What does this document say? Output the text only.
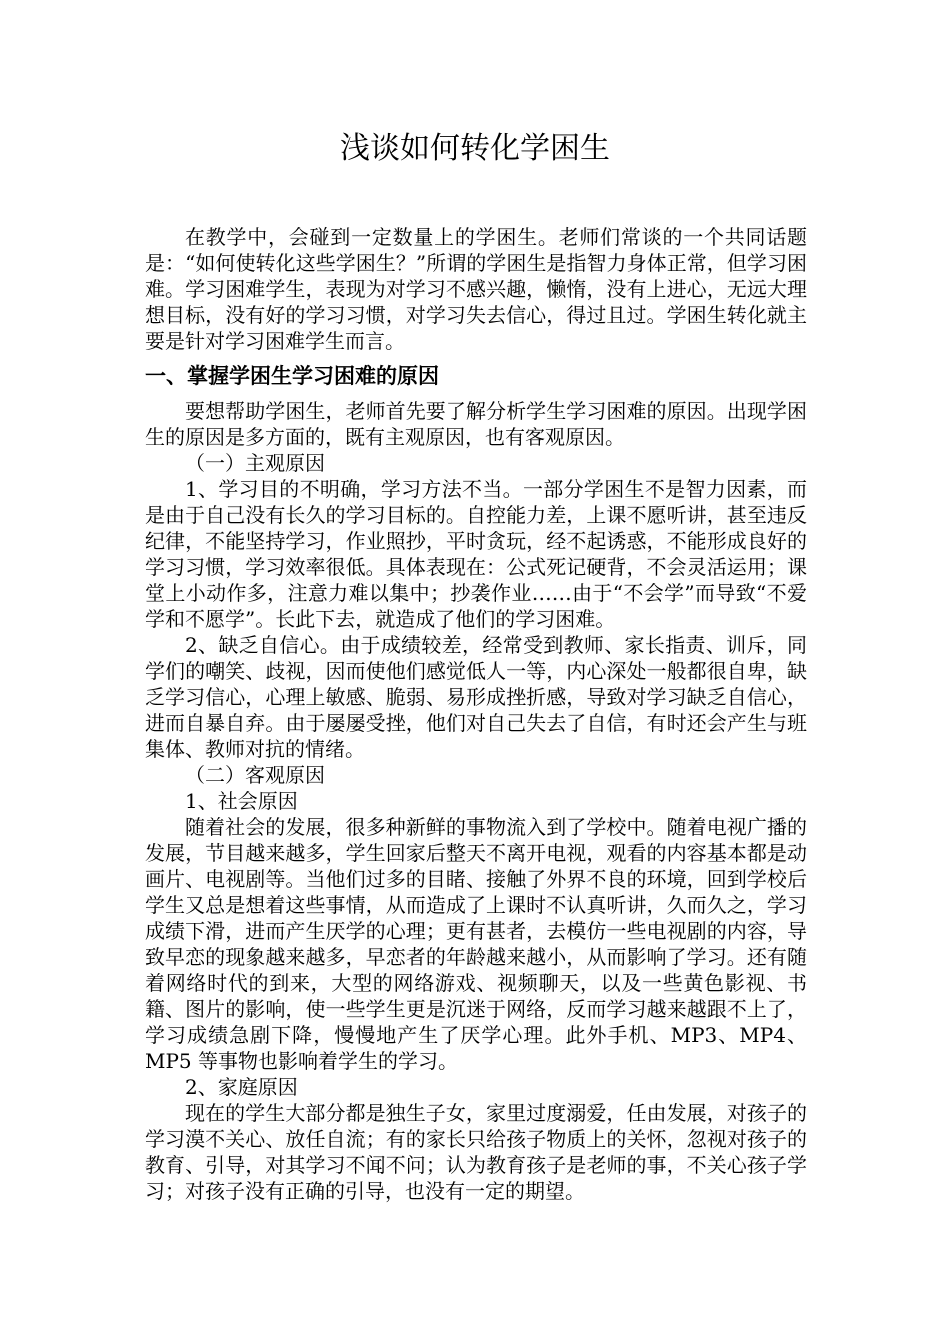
浅谈如何转化学困生

在教学中，会碰到一定数量上的学困生。老师们常谈的一个共同话题是：“如何使转化这些学困生？”所谓的学困生是指智力身体正常，但学习困难。学习困难学生，表现为对学习不感兴趣，懒惰，没有上进心，无远大理想目标，没有好的学习习惯，对学习失去信心，得过且过。学困生转化就主要是针对学习困难学生而言。

一、掌握学困生学习困难的原因

要想帮助学困生，老师首先要了解分析学生学习困难的原因。出现学困生的原因是多方面的，既有主观原因，也有客观原因。

（一）主观原因

1、学习目的不明确，学习方法不当。一部分学困生不是智力因素，而是由于自己没有长久的学习目标的。自控能力差，上课不愿听讲，甚至违反纪律，不能坚持学习，作业照抄，平时贪玩，经不起诱惑，不能形成良好的学习习惯，学习效率很低。具体表现在：公式死记硬背，不会灵活运用；课堂上小动作多，注意力难以集中；抄袭作业……由于“不会学”而导致“不爱学和不愿学”。长此下去，就造成了他们的学习困难。

2、缺乏自信心。由于成绩较差，经常受到教师、家长指责、训斥，同学们的嘲笑、歧视，因而使他们感觉低人一等，内心深处一般都很自卑，缺乏学习信心，心理上敏感、脆弱、易形成挫折感，导致对学习缺乏自信心，进而自暴自弃。由于屡屡受挫，他们对自己失去了自信，有时还会产生与班集体、教师对抗的情绪。

（二）客观原因

1、社会原因

随着社会的发展，很多种新鲜的事物流入到了学校中。随着电视广播的发展，节目越来越多，学生回家后整天不离开电视，观看的内容基本都是动画片、电视剧等。当他们过多的目睹、接触了外界不良的环境，回到学校后学生又总是想着这些事情，从而造成了上课时不认真听讲，久而久之，学习成绩下滑，进而产生厌学的心理；更有甚者，去模仿一些电视剧的内容，导致早恋的现象越来越多，早恋者的年龄越来越小，从而影响了学习。还有随着网络时代的到来，大型的网络游戏、视频聊天，以及一些黄色影视、书籍、图片的影响，使一些学生更是沉迷于网络，反而学习越来越跟不上了，学习成绩急剧下降，慢慢地产生了厌学心理。此外手机、MP3、MP4、MP5 等事物也影响着学生的学习。

2、家庭原因

现在的学生大部分都是独生子女，家里过度溺爱，任由发展，对孩子的学习漠不关心、放任自流；有的家长只给孩子物质上的关怀，忽视对孩子的教育、引导，对其学习不闻不问；认为教育孩子是老师的事，不关心孩子学习；对孩子没有正确的引导，也没有一定的期望。
